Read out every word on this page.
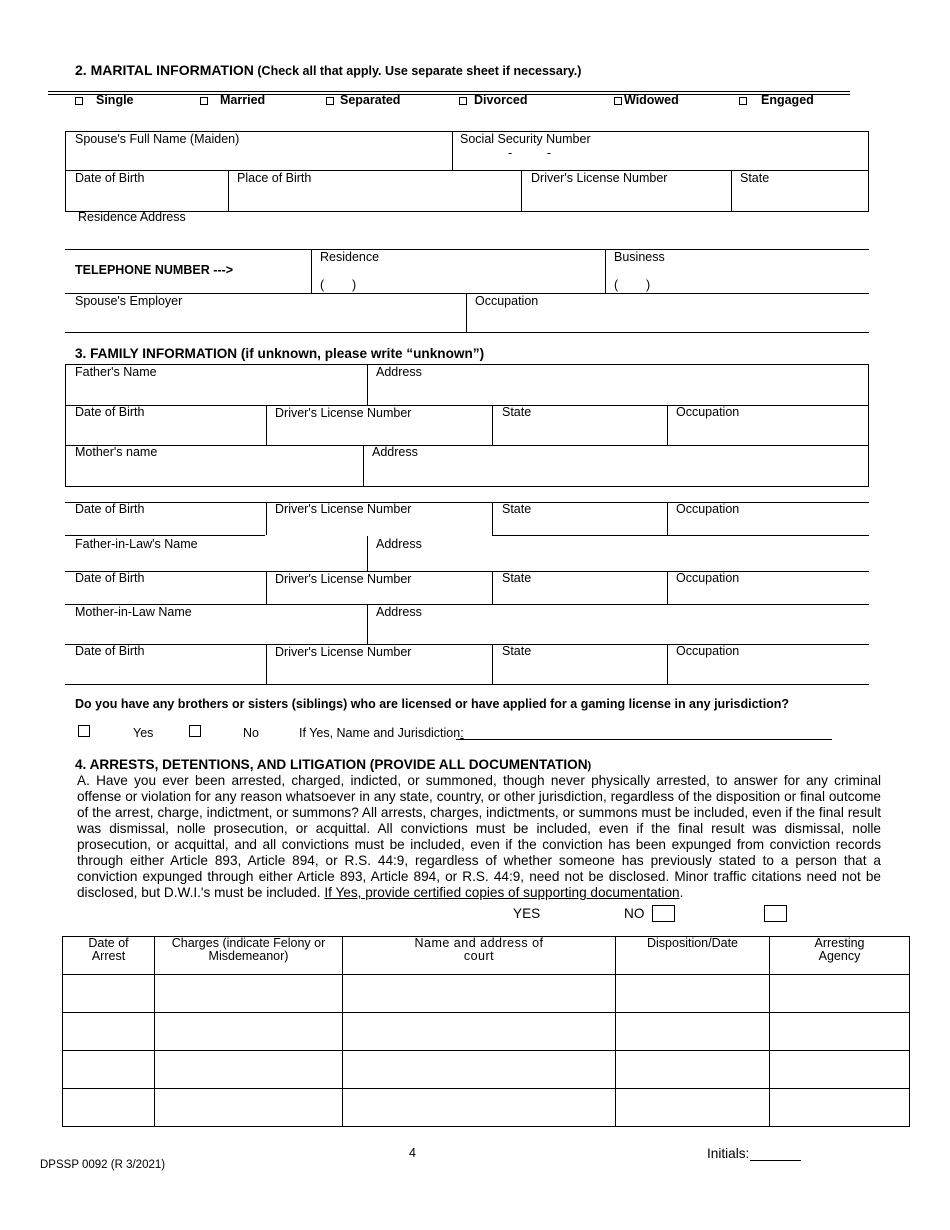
2. MARITAL INFORMATION (Check all that apply. Use separate sheet if necessary.)
Single	Married	Separated	Divorced	Widowed	Engaged
Spouse's Full Name (Maiden)	Social Security Number
-          -
Date of Birth	Place of Birth	Driver's License Number	State
Residence Address
TELEPHONE NUMBER --->
Residence
(        )
Business
(        )
Spouse's Employer	Occupation
3. FAMILY INFORMATION (if unknown, please write “unknown”)
Father's Name	Address
Date of Birth	Driver's License Number	State	Occupation
Mother's name	Address
Date of Birth	Driver's License Number	State	Occupation
Father-in-Law's Name	Address
Date of Birth	Driver's License Number	State	Occupation
Mother-in-Law Name	Address
Date of Birth	Driver's License Number	State	Occupation
Do you have any brothers or sisters (siblings) who are licensed or have applied for a gaming license in any jurisdiction?
Yes	No	If Yes, Name and Jurisdiction:
4. ARRESTS, DETENTIONS, AND LITIGATION (PROVIDE ALL DOCUMENTATION)
A. Have you ever been arrested, charged, indicted, or summoned, though never physically arrested, to answer for any criminal offense or violation for any reason whatsoever in any state, country, or other jurisdiction, regardless of the disposition or final outcome of the arrest, charge, indictment, or summons? All arrests, charges, indictments, or summons must be included, even if the final result was dismissal, nolle prosecution, or acquittal. All convictions must be included, even if the final result was dismissal, nolle prosecution, or acquittal, and all convictions must be included, even if the conviction has been expunged from conviction records through either Article 893, Article 894, or R.S. 44:9, regardless of whether someone has previously stated to a person that a conviction expunged through either Article 893, Article 894, or R.S. 44:9, need not be disclosed. Minor traffic citations need not be disclosed, but D.W.I.'s must be included. If Yes, provide certified copies of supporting documentation.
YES	NO
Date of Arrest	Charges (indicate Felony or Misdemeanor)	Name and address of court	Disposition/Date	Arresting Agency

4	Initials:
DPSSP 0092 (R 3/2021)
